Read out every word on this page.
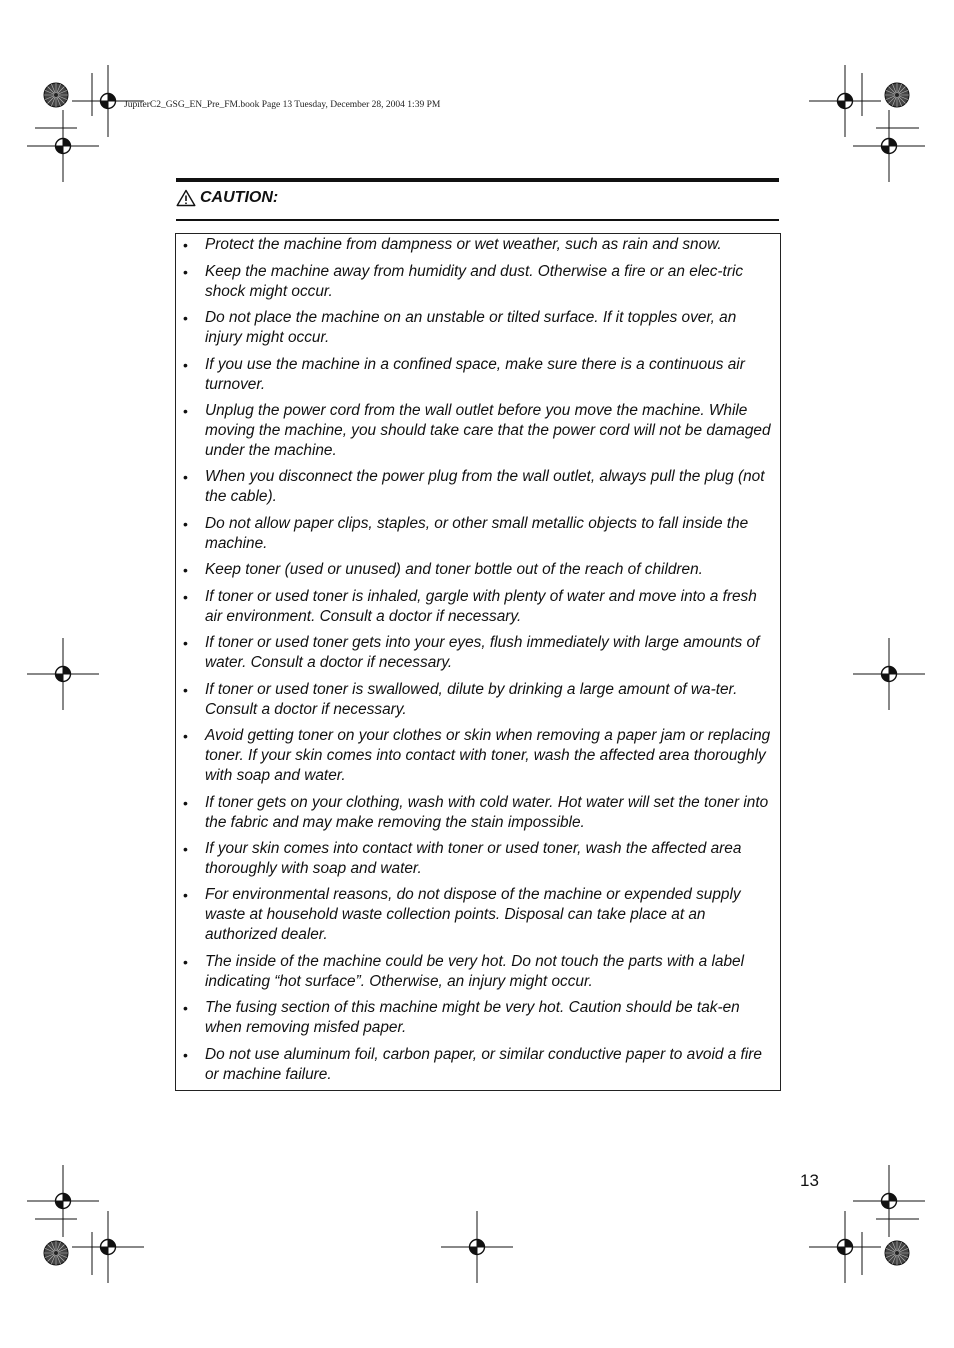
JupiterC2_GSG_EN_Pre_FM.book Page 13 Tuesday, December 28, 2004 1:39 PM
CAUTION:
• Protect the machine from dampness or wet weather, such as rain and snow.
• Keep the machine away from humidity and dust. Otherwise a fire or an elec-tric shock might occur.
• Do not place the machine on an unstable or tilted surface. If it topples over, an injury might occur.
• If you use the machine in a confined space, make sure there is a continuous air turnover.
• Unplug the power cord from the wall outlet before you move the machine. While moving the machine, you should take care that the power cord will not be damaged under the machine.
• When you disconnect the power plug from the wall outlet, always pull the plug (not the cable).
• Do not allow paper clips, staples, or other small metallic objects to fall inside the machine.
• Keep toner (used or unused) and toner bottle out of the reach of children.
• If toner or used toner is inhaled, gargle with plenty of water and move into a fresh air environment. Consult a doctor if necessary.
• If toner or used toner gets into your eyes, flush immediately with large amounts of water. Consult a doctor if necessary.
• If toner or used toner is swallowed, dilute by drinking a large amount of wa-ter. Consult a doctor if necessary.
• Avoid getting toner on your clothes or skin when removing a paper jam or replacing toner. If your skin comes into contact with toner, wash the affected area thoroughly with soap and water.
• If toner gets on your clothing, wash with cold water. Hot water will set the toner into the fabric and may make removing the stain impossible.
• If your skin comes into contact with toner or used toner, wash the affected area thoroughly with soap and water.
• For environmental reasons, do not dispose of the machine or expended supply waste at household waste collection points. Disposal can take place at an authorized dealer.
• The inside of the machine could be very hot. Do not touch the parts with a label indicating “hot surface”. Otherwise, an injury might occur.
• The fusing section of this machine might be very hot. Caution should be tak-en when removing misfed paper.
• Do not use aluminum foil, carbon paper, or similar conductive paper to avoid a fire or machine failure.
13
